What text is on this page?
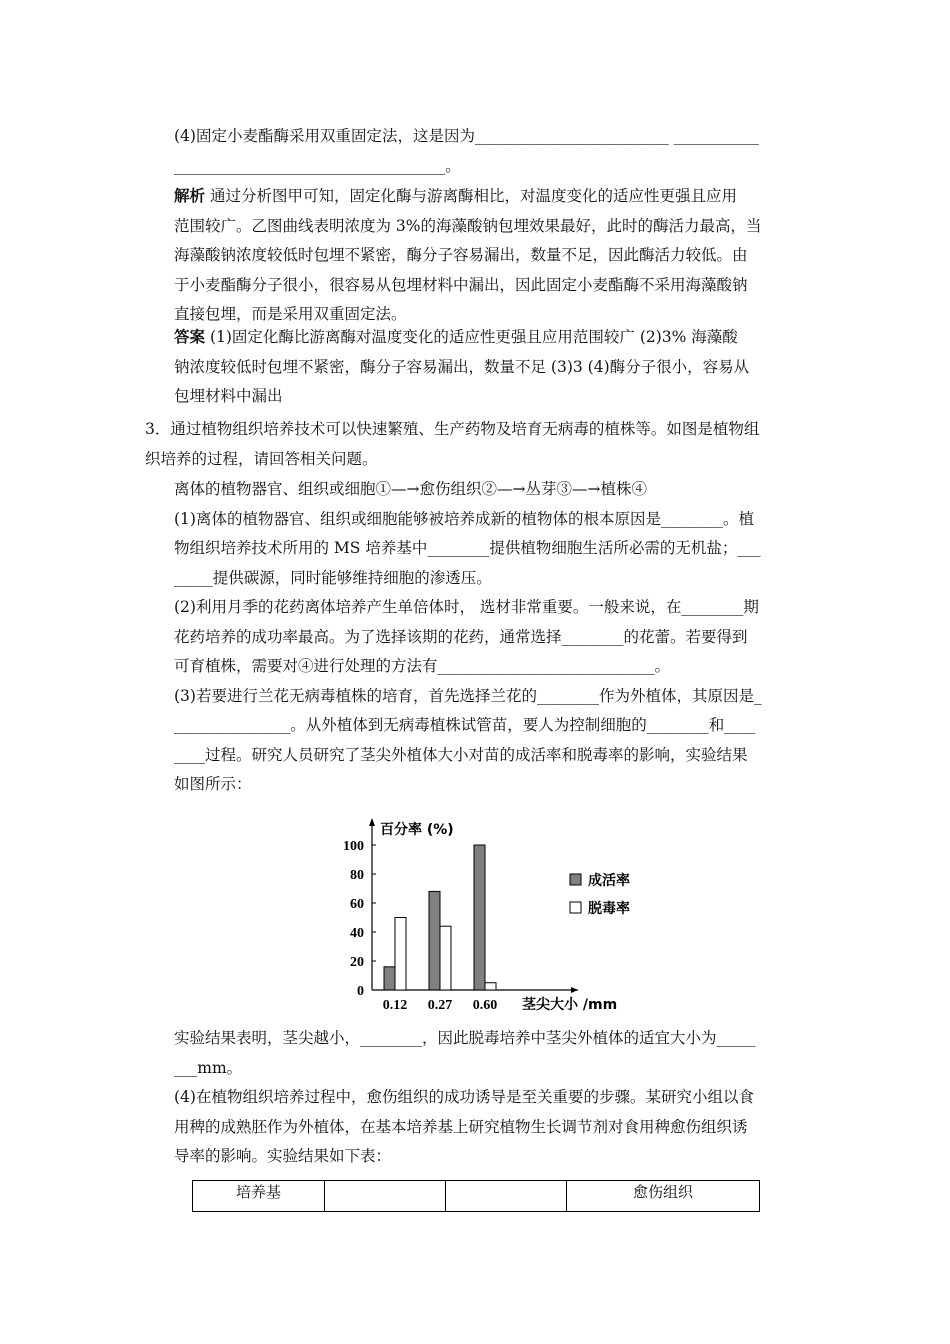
(4)固定小麦酯酶采用双重固定法，这是因为_________________________ ___________
___________________________________。
解析 通过分析图甲可知，固定化酶与游离酶相比，对温度变化的适应性更强且应用
范围较广。乙图曲线表明浓度为 3%的海藻酸钠包埋效果最好，此时的酶活力最高，当
海藻酸钠浓度较低时包埋不紧密，酶分子容易漏出，数量不足，因此酶活力较低。由
于小麦酯酶分子很小，很容易从包埋材料中漏出，因此固定小麦酯酶不采用海藻酸钠
直接包埋，而是采用双重固定法。
答案 (1)固定化酶比游离酶对温度变化的适应性更强且应用范围较广 (2)3% 海藻酸
钠浓度较低时包埋不紧密，酶分子容易漏出，数量不足 (3)3 (4)酶分子很小，容易从
包埋材料中漏出
3．通过植物组织培养技术可以快速繁殖、生产药物及培育无病毒的植株等。如图是植物组
织培养的过程，请回答相关问题。
离体的植物器官、组织或细胞①—→愈伤组织②—→丛芽③—→植株④
(1)离体的植物器官、组织或细胞能够被培养成新的植物体的根本原因是________。植
物组织培养技术所用的 MS 培养基中________提供植物细胞生活所必需的无机盐；___
_____提供碳源，同时能够维持细胞的渗透压。
(2)利用月季的花药离体培养产生单倍体时， 选材非常重要。一般来说，在________期
花药培养的成功率最高。为了选择该期的花药，通常选择________的花蕾。若要得到
可育植株，需要对④进行处理的方法有____________________________。
(3)若要进行兰花无病毒植株的培育，首先选择兰花的________作为外植体，其原因是_
_______________。从外植体到无病毒植株试管苗，要人为控制细胞的________和____
____过程。研究人员研究了茎尖外植体大小对苗的成活率和脱毒率的影响，实验结果
如图所示：
0
20
40
60
80
100
百分率 (%)
0.12 0.27 0.60 茎尖大小 /mm
成活率
脱毒率
实验结果表明，茎尖越小，________，因此脱毒培养中茎尖外植体的适宜大小为_____
___mm。
(4)在植物组织培养过程中，愈伤组织的成功诱导是至关重要的步骤。某研究小组以食
用稗的成熟胚作为外植体，在基本培养基上研究植物生长调节剂对食用稗愈伤组织诱
导率的影响。实验结果如下表：
培养基			愈伤组织
